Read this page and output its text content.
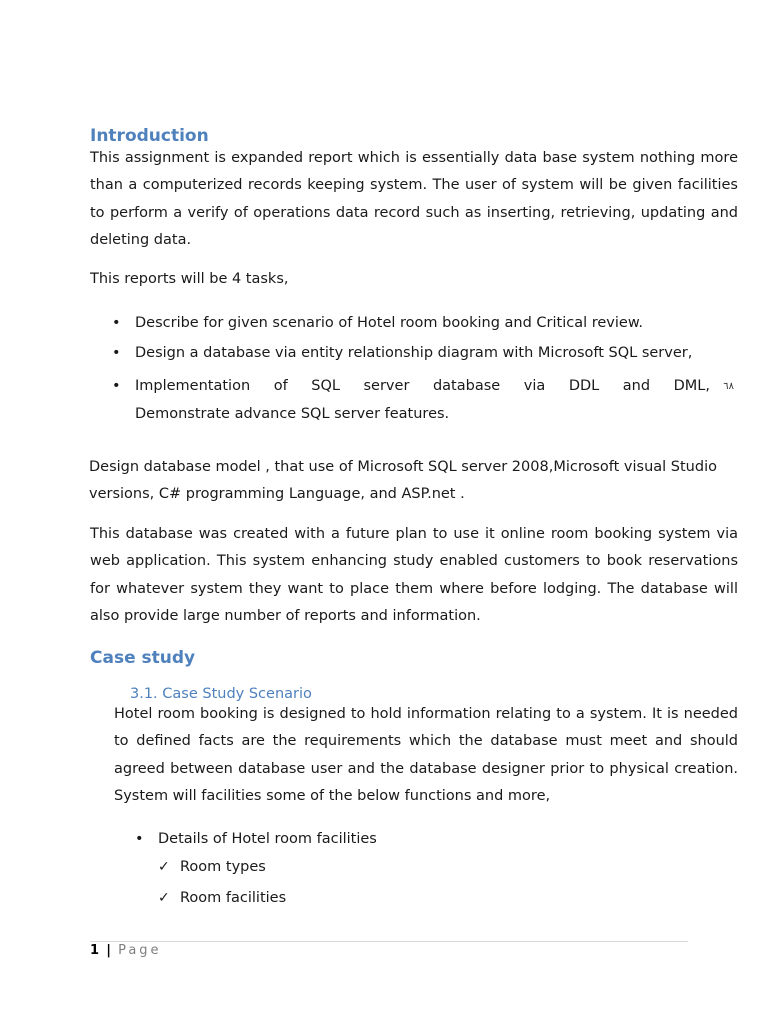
Introduction

This assignment is expanded report which is essentially data base system nothing more than a computerized records keeping system. The user of system will be given facilities to perform a verify of operations data record such as inserting, retrieving, updating and deleting data.

This reports will be 4 tasks,

• Describe for given scenario of Hotel room booking and Critical review.
• Design a database via entity relationship diagram with Microsoft SQL server,
• Implementation of SQL server database via DDL and DML, ٦٨
Demonstrate advance SQL server features.

Design database model , that use of Microsoft SQL server 2008,Microsoft visual Studio versions, C# programming Language, and ASP.net .

This database was created with a future plan to use it online room booking system via web application. This system enhancing study enabled customers to book reservations for whatever system they want to place them where before lodging. The database will also provide large number of reports and information.

Case study
3.1. Case Study Scenario

Hotel room booking is designed to hold information relating to a system. It is needed to defined facts are the requirements which the database must meet and should agreed between database user and the database designer prior to physical creation. System will facilities some of the below functions and more,

• Details of Hotel room facilities
✓ Room types
✓ Room facilities
1 | Page
